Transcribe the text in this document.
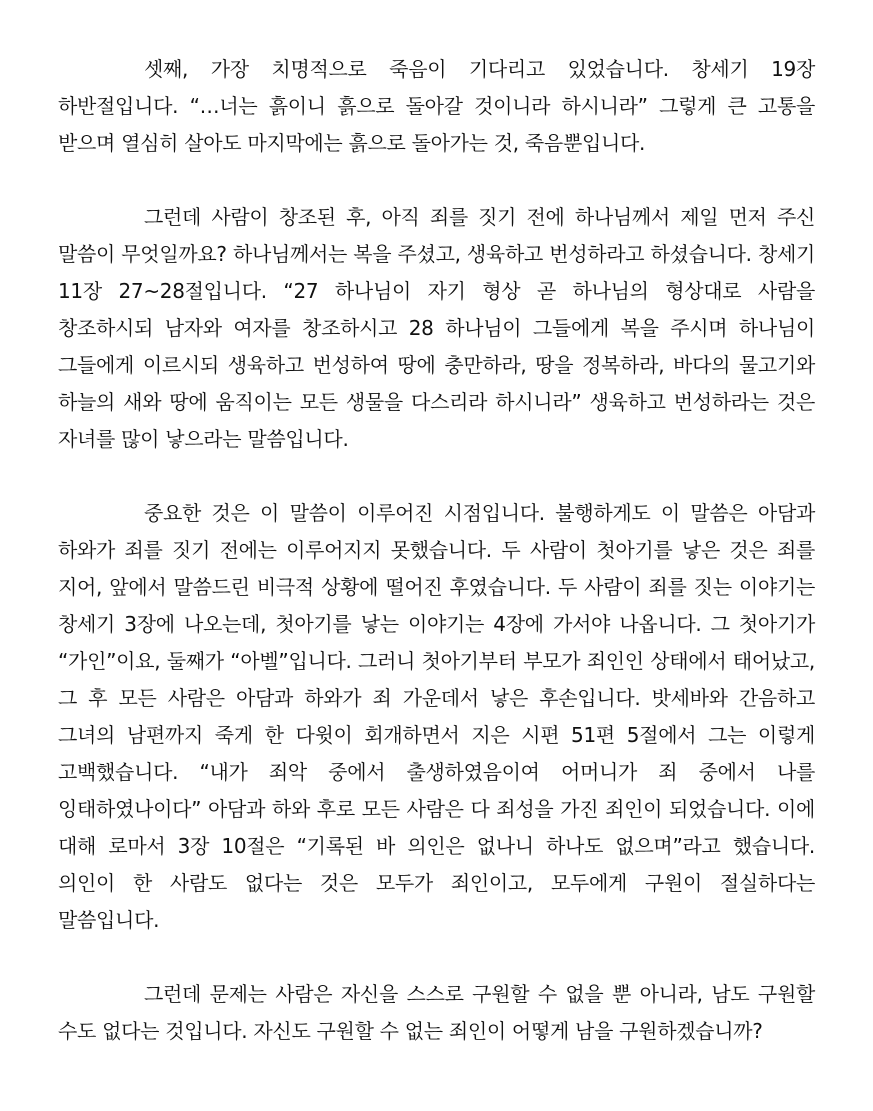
셋째, 가장 치명적으로 죽음이 기다리고 있었습니다. 창세기 19장 하반절입니다. “…너는 흙이니 흙으로 돌아갈 것이니라 하시니라” 그렇게 큰 고통을 받으며 열심히 살아도 마지막에는 흙으로 돌아가는 것, 죽음뿐입니다.

그런데 사람이 창조된 후, 아직 죄를 짓기 전에 하나님께서 제일 먼저 주신 말씀이 무엇일까요? 하나님께서는 복을 주셨고, 생육하고 번성하라고 하셨습니다. 창세기 11장 27~28절입니다. “27 하나님이 자기 형상 곧 하나님의 형상대로 사람을 창조하시되 남자와 여자를 창조하시고 28 하나님이 그들에게 복을 주시며 하나님이 그들에게 이르시되 생육하고 번성하여 땅에 충만하라, 땅을 정복하라, 바다의 물고기와 하늘의 새와 땅에 움직이는 모든 생물을 다스리라 하시니라” 생육하고 번성하라는 것은 자녀를 많이 낳으라는 말씀입니다.

중요한 것은 이 말씀이 이루어진 시점입니다. 불행하게도 이 말씀은 아담과 하와가 죄를 짓기 전에는 이루어지지 못했습니다. 두 사람이 첫아기를 낳은 것은 죄를 지어, 앞에서 말씀드린 비극적 상황에 떨어진 후였습니다. 두 사람이 죄를 짓는 이야기는 창세기 3장에 나오는데, 첫아기를 낳는 이야기는 4장에 가서야 나옵니다. 그 첫아기가 “가인”이요, 둘째가 “아벨”입니다. 그러니 첫아기부터 부모가 죄인인 상태에서 태어났고, 그 후 모든 사람은 아담과 하와가 죄 가운데서 낳은 후손입니다. 밧세바와 간음하고 그녀의 남편까지 죽게 한 다윗이 회개하면서 지은 시편 51편 5절에서 그는 이렇게 고백했습니다. “내가 죄악 중에서 출생하였음이여 어머니가 죄 중에서 나를 잉태하였나이다” 아담과 하와 후로 모든 사람은 다 죄성을 가진 죄인이 되었습니다. 이에 대해 로마서 3장 10절은 “기록된 바 의인은 없나니 하나도 없으며”라고 했습니다. 의인이 한 사람도 없다는 것은 모두가 죄인이고, 모두에게 구원이 절실하다는 말씀입니다.

그런데 문제는 사람은 자신을 스스로 구원할 수 없을 뿐 아니라, 남도 구원할 수도 없다는 것입니다. 자신도 구원할 수 없는 죄인이 어떻게 남을 구원하겠습니까?
